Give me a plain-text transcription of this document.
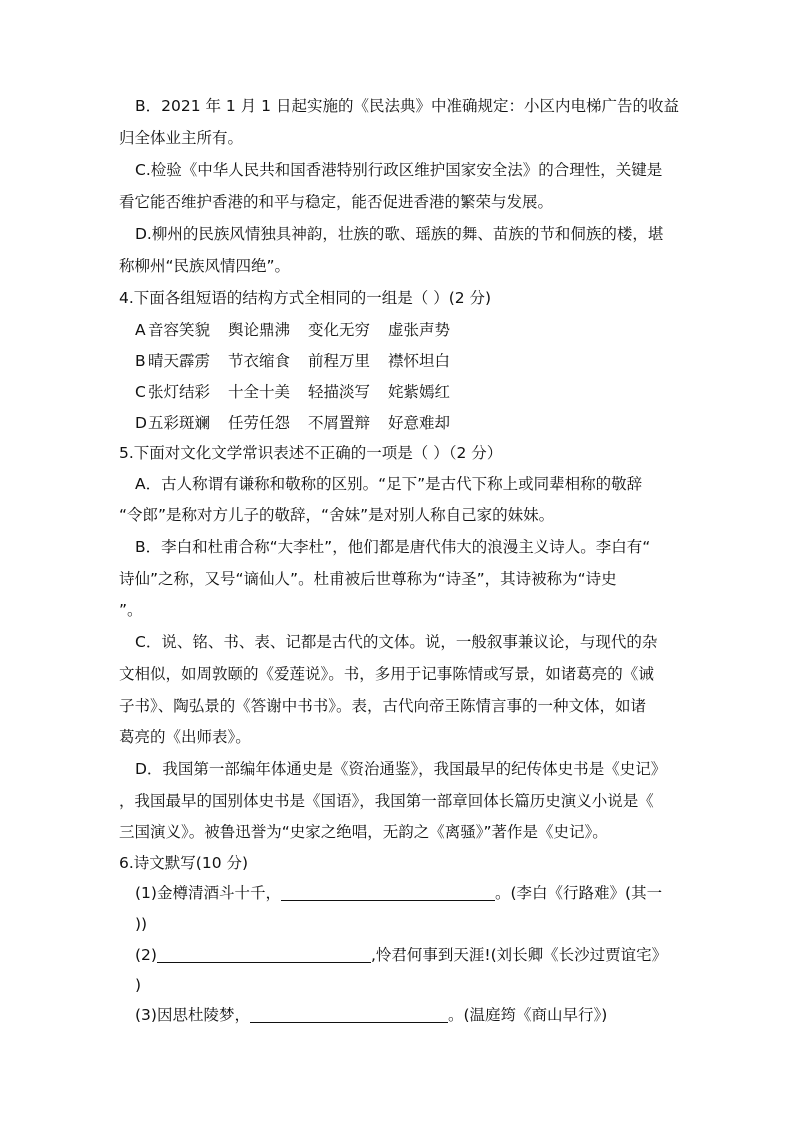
B．2021 年 1 月 1 日起实施的《民法典》中准确规定：小区内电梯广告的收益
归全体业主所有。
C.检验《中华人民共和国香港特别行政区维护国家安全法》的合理性，关键是
看它能否维护香港的和平与稳定，能否促进香港的繁荣与发展。
D.柳州的民族风情独具神韵，壮族的歌、瑶族的舞、苗族的节和侗族的楼，堪
称柳州“民族风情四绝”。
4.下面各组短语的结构方式全相同的一组是（ ）(2 分)
A 音容笑貌 舆论鼎沸 变化无穷 虚张声势
B 晴天霹雳 节衣缩食 前程万里 襟怀坦白
C 张灯结彩 十全十美 轻描淡写 姹紫嫣红
D 五彩斑斓 任劳任怨 不屑置辩 好意难却
5.下面对文化文学常识表述不正确的一项是（ ）（2 分）
A．古人称谓有谦称和敬称的区别。“足下”是古代下称上或同辈相称的敬辞
“令郎”是称对方儿子的敬辞，“舍妹”是对别人称自己家的妹妹。
B．李白和杜甫合称“大李杜”，他们都是唐代伟大的浪漫主义诗人。李白有“
诗仙”之称，又号“谪仙人”。杜甫被后世尊称为“诗圣”，其诗被称为“诗史
”。
C．说、铭、书、表、记都是古代的文体。说，一般叙事兼议论，与现代的杂
文相似，如周敦颐的《爱莲说》。书，多用于记事陈情或写景，如诸葛亮的《诫
子书》、陶弘景的《答谢中书书》。表，古代向帝王陈情言事的一种文体，如诸
葛亮的《出师表》。
D．我国第一部编年体通史是《资治通鉴》，我国最早的纪传体史书是《史记》
，我国最早的国别体史书是《国语》，我国第一部章回体长篇历史演义小说是《
三国演义》。被鲁迅誉为“史家之绝唱，无韵之《离骚》”著作是《史记》。
6.诗文默写(10 分)
(1)金樽清酒斗十千，	。(李白《行路难》(其一
))
(2)	,怜君何事到天涯!(刘长卿《长沙过贾谊宅》
)
(3)因思杜陵梦，	。(温庭筠《商山早行》)
